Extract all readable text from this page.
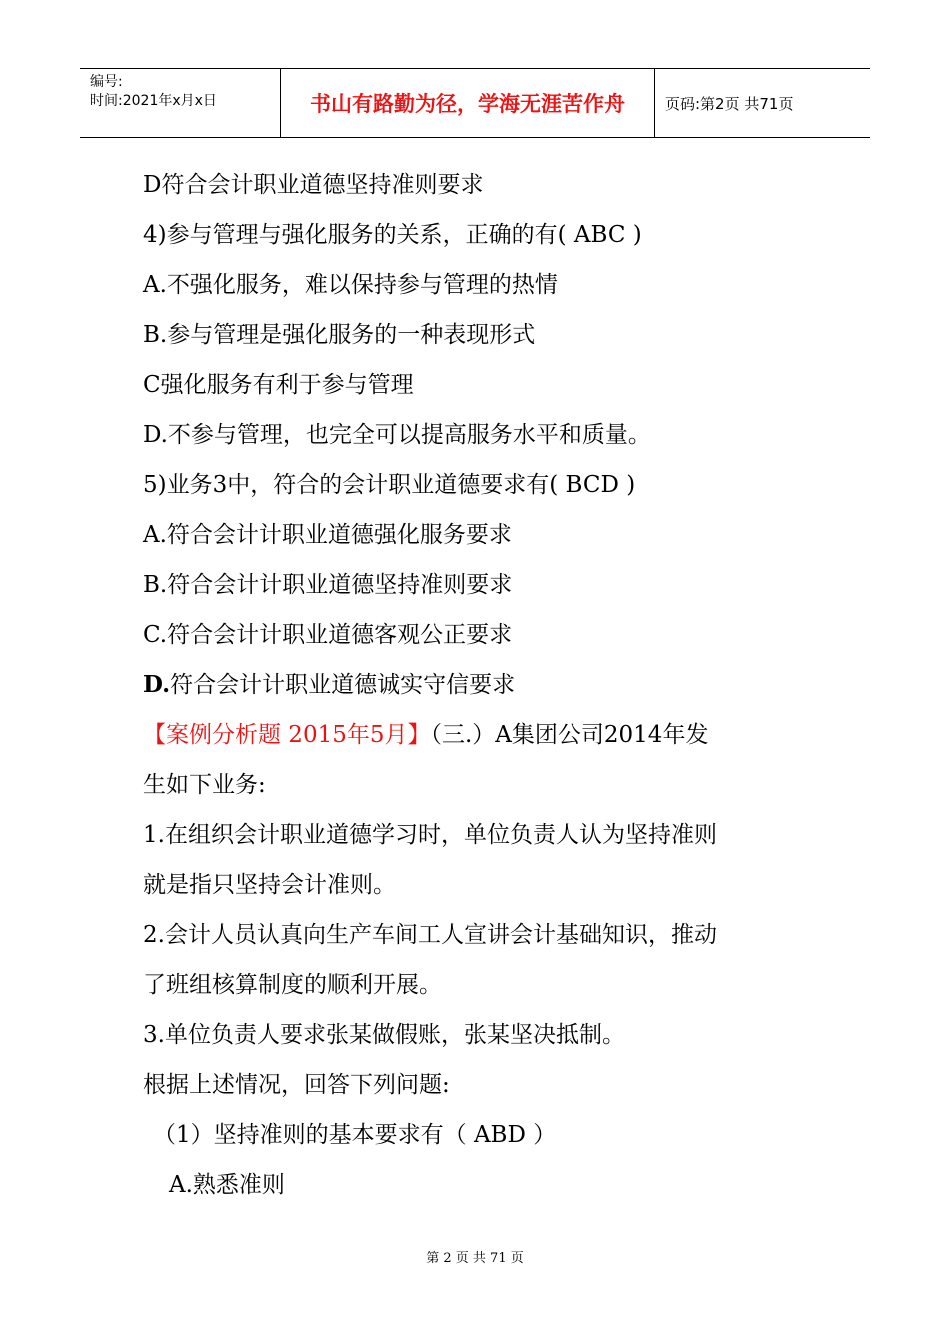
编号:
时间:2021年x月x日	书山有路勤为径，学海无涯苦作舟	页码:第2页 共71页
D符合会计职业道德坚持准则要求
4)参与管理与强化服务的关系，正确的有( ABC )
A.不强化服务，难以保持参与管理的热情
B.参与管理是强化服务的一种表现形式
C强化服务有利于参与管理
D.不参与管理，也完全可以提高服务水平和质量。
5)业务3中，符合的会计职业道德要求有( BCD )
A.符合会计计职业道德强化服务要求
B.符合会计计职业道德坚持准则要求
C.符合会计计职业道德客观公正要求
D.符合会计计职业道德诚实守信要求
【案例分析题 2015年5月】（三.）A集团公司2014年发
生如下业务:
1.在组织会计职业道德学习时，单位负责人认为坚持准则
就是指只坚持会计准则。
2.会计人员认真向生产车间工人宣讲会计基础知识，推动
了班组核算制度的顺利开展。
3.单位负责人要求张某做假账，张某坚决抵制。
根据上述情况，回答下列问题:
（1）坚持准则的基本要求有（ ABD ）
A.熟悉准则
第 2 页 共 71 页
